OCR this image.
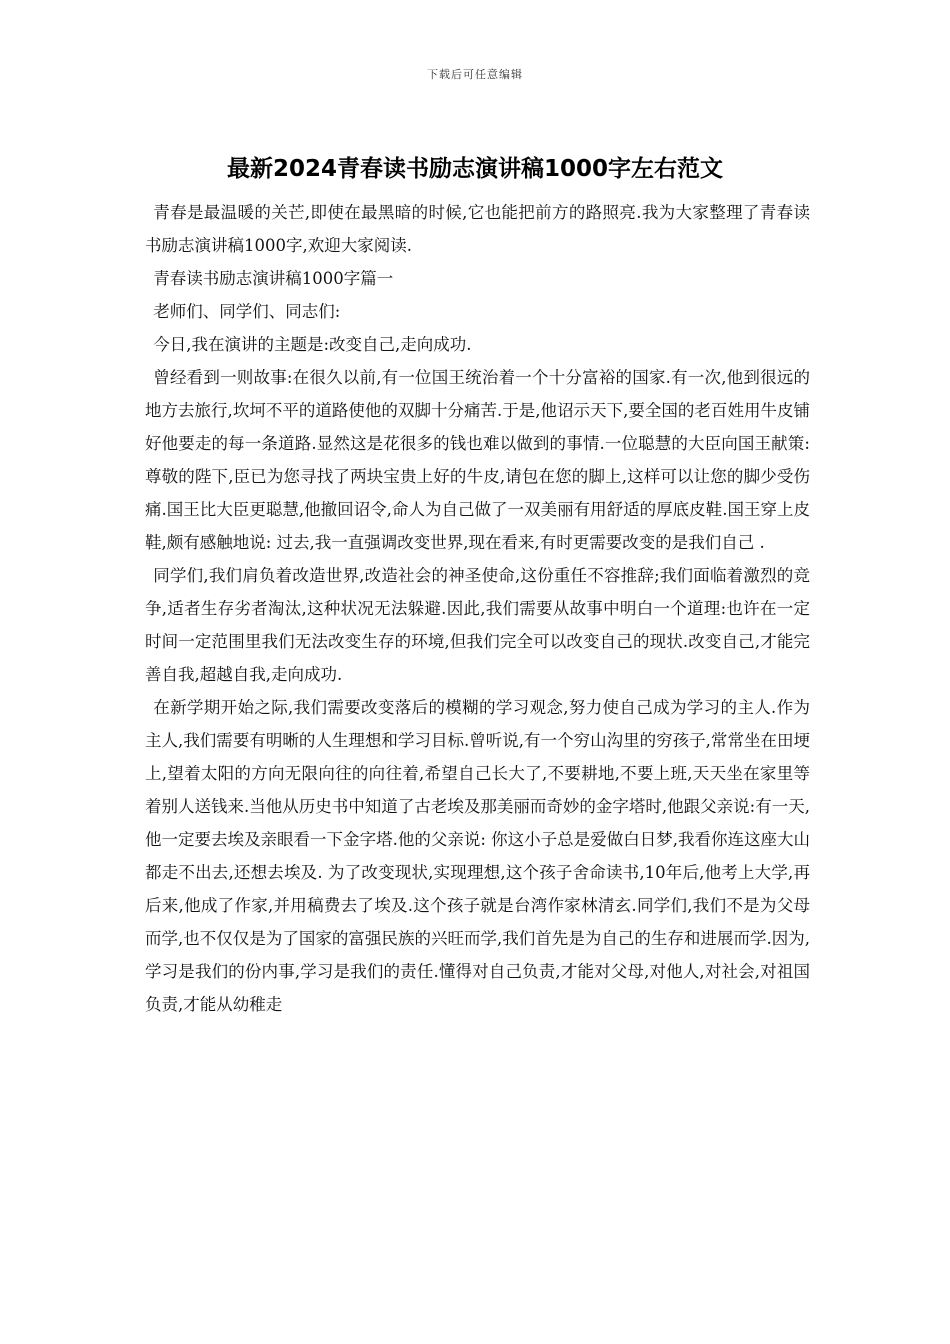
下载后可任意编辑
最新2024青春读书励志演讲稿1000字左右范文

青春是最温暖的关芒,即使在最黑暗的时候,它也能把前方的路照亮.我为大家整理了青春读书励志演讲稿1000字,欢迎大家阅读.

青春读书励志演讲稿1000字篇一

老师们、同学们、同志们:

今日,我在演讲的主题是:改变自己,走向成功.

曾经看到一则故事:在很久以前,有一位国王统治着一个十分富裕的国家.有一次,他到很远的地方去旅行,坎坷不平的道路使他的双脚十分痛苦.于是,他诏示天下,要全国的老百姓用牛皮铺好他要走的每一条道路.显然这是花很多的钱也难以做到的事情.一位聪慧的大臣向国王献策:尊敬的陛下,臣已为您寻找了两块宝贵上好的牛皮,请包在您的脚上,这样可以让您的脚少受伤痛.国王比大臣更聪慧,他撤回诏令,命人为自己做了一双美丽有用舒适的厚底皮鞋.国王穿上皮鞋,颇有感触地说: 过去,我一直强调改变世界,现在看来,有时更需要改变的是我们自己 .

同学们,我们肩负着改造世界,改造社会的神圣使命,这份重任不容推辞;我们面临着激烈的竞争,适者生存劣者淘汰,这种状况无法躲避.因此,我们需要从故事中明白一个道理:也许在一定时间一定范围里我们无法改变生存的环境,但我们完全可以改变自己的现状.改变自己,才能完善自我,超越自我,走向成功.

在新学期开始之际,我们需要改变落后的模糊的学习观念,努力使自己成为学习的主人.作为主人,我们需要有明晰的人生理想和学习目标.曾听说,有一个穷山沟里的穷孩子,常常坐在田埂上,望着太阳的方向无限向往的向往着,希望自己长大了,不要耕地,不要上班,天天坐在家里等着别人送钱来.当他从历史书中知道了古老埃及那美丽而奇妙的金字塔时,他跟父亲说:有一天,他一定要去埃及亲眼看一下金字塔.他的父亲说: 你这小子总是爱做白日梦,我看你连这座大山都走不出去,还想去埃及. 为了改变现状,实现理想,这个孩子舍命读书,10年后,他考上大学,再后来,他成了作家,并用稿费去了埃及.这个孩子就是台湾作家林清玄.同学们,我们不是为父母而学,也不仅仅是为了国家的富强民族的兴旺而学,我们首先是为自己的生存和进展而学.因为,学习是我们的份内事,学习是我们的责任.懂得对自己负责,才能对父母,对他人,对社会,对祖国负责,才能从幼稚走
